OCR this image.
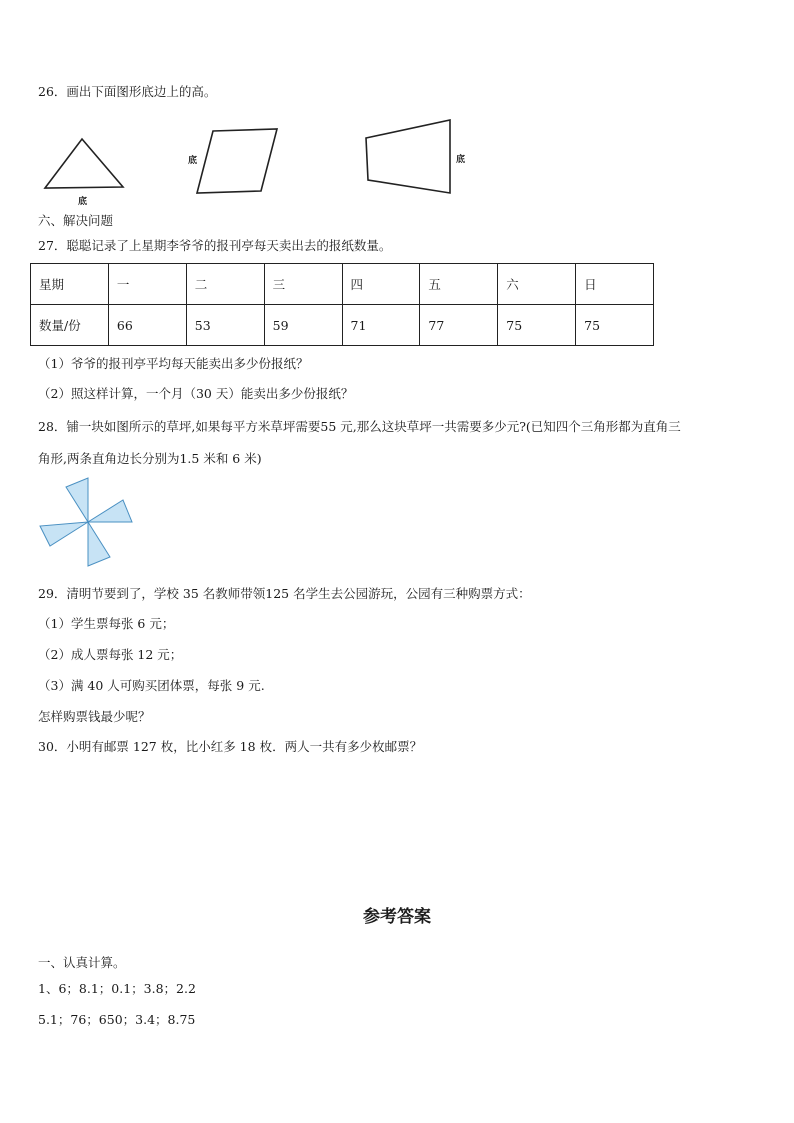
26．画出下面图形底边上的高。
底
底	底
六、解决问题
27．聪聪记录了上星期李爷爷的报刊亭每天卖出去的报纸数量。
星期	一	二	三	四	五	六	日
数量/份	66	53	59	71	77	75	75
（1）爷爷的报刊亭平均每天能卖出多少份报纸？
（2）照这样计算，一个月（30 天）能卖出多少份报纸？
28．铺一块如图所示的草坪,如果每平方米草坪需要55 元,那么这块草坪一共需要多少元?(已知四个三角形都为直角三
角形,两条直角边长分别为1.5 米和 6 米)
29．清明节要到了，学校 35 名教师带领125 名学生去公园游玩，公园有三种购票方式：
（1）学生票每张 6 元；
（2）成人票每张 12 元；
（3）满 40 人可购买团体票，每张 9 元.
怎样购票钱最少呢？
30．小明有邮票 127 枚，比小红多 18 枚．两人一共有多少枚邮票？
参考答案
一、认真计算。
1、6；8.1；0.1；3.8；2.2
5.1；76；650；3.4；8.75
